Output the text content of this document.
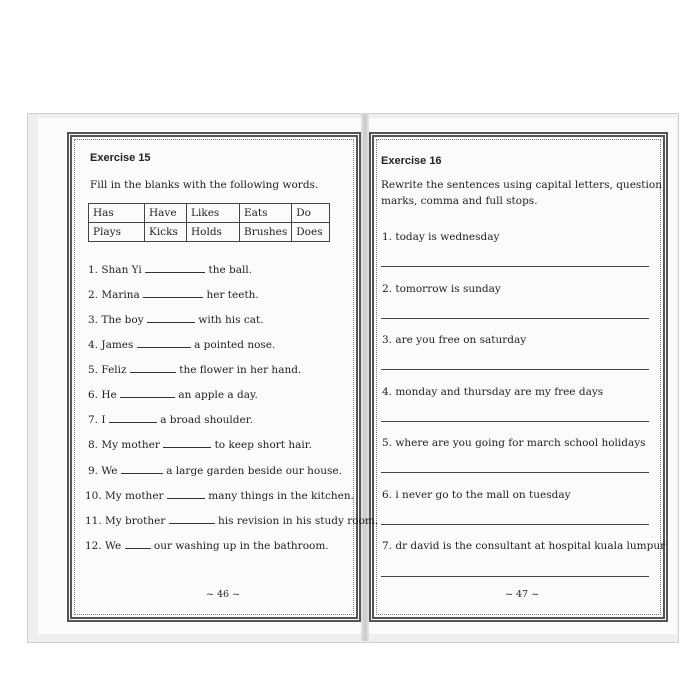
Exercise 15
Fill in the blanks with the following words.
Has	Have	Likes	Eats	Do
Plays	Kicks	Holds	Brushes	Does
1. Shan Yi	the ball.
2. Marina	her teeth.
3. The boy	with his cat.
4. James	a pointed nose.
5. Feliz	the flower in her hand.
6. He	an apple a day.
7. I	a broad shoulder.
8. My mother	to keep short hair.
9. We	a large garden beside our house.
10. My mother	many things in the kitchen.
11. My brother	his revision in his study room.
12. We	our washing up in the bathroom.
~ 46 ~
Exercise 16
Rewrite the sentences using capital letters, question
marks, comma and full stops.
1. today is wednesday
2. tomorrow is sunday
3. are you free on saturday
4. monday and thursday are my free days
5. where are you going for march school holidays
6. i never go to the mall on tuesday
7. dr david is the consultant at hospital kuala lumpur
~ 47 ~
